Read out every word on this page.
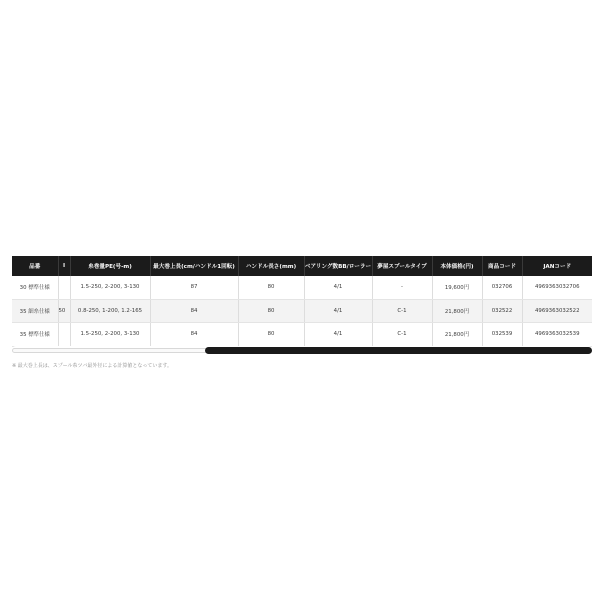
品番	I	糸巻量PE(号-m)	最大巻上長(cm/ハンドル1回転)	ハンドル長さ(mm)	ベアリング数BB/ローラー	夢屋スプールタイプ	本体価格(円)	商品コード	JANコード
30 標準仕様		1.5-250, 2-200, 3-130	87	80	4/1	-	19,600円	032706	4969363032706
35 細糸仕様	50	0.8-250, 1-200, 1.2-165	84	80	4/1	C-1	21,800円	032522	4969363032522
35 標準仕様		1.5-250, 2-200, 3-130	84	80	4/1	C-1	21,800円	032539	4969363032539
※ 最大巻上長は、スプール糸ツバ最外径による計算値となっています。
